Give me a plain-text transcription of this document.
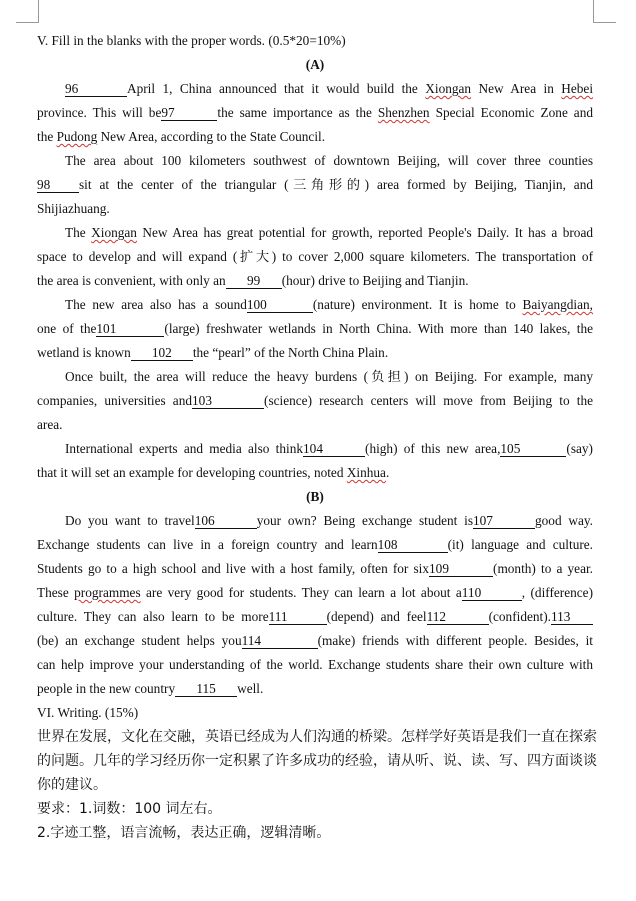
V. Fill in the blanks with the proper words. (0.5*20=10%)
(A)
96	April 1, China announced that it would build the Xiongan New Area in Hebei
province. This will be97	the same importance as the Shenzhen Special Economic Zone and
the Pudong New Area, according to the State Council.
The area about 100 kilometers southwest of downtown Beijing, will cover three counties
98 sit at the center of the triangular (三角形的) area formed by Beijing, Tianjin, and
Shijiazhuang.
The Xiongan New Area has great potential for growth, reported People's Daily. It has a broad
space to develop and will expand (扩大) to cover 2,000 square kilometers. The transportation of
the area is convenient, with only an 99 (hour) drive to Beijing and Tianjin.
The new area also has a sound100	(nature) environment. It is home to Baiyangdian,
one of the101	(large) freshwater wetlands in North China. With more than 140 lakes, the
wetland is known 102 the “pearl” of the North China Plain.
Once built, the area will reduce the heavy burdens (负担) on Beijing. For example, many
companies, universities and103	(science) research centers will move from Beijing to the
area.
International experts and media also think104	(high) of this new area,105	(say)
that it will set an example for developing countries, noted Xinhua.
(B)
Do you want to travel106	your own? Being exchange student is107	good way.
Exchange students can live in a foreign country and learn108	(it) language and culture.
Students go to a high school and live with a host family, often for six109	(month) to a year.
These programmes are very good for students. They can learn a lot about a110	, (difference)
culture. They can also learn to be more111	(depend) and feel112	(confident).113
(be) an exchange student helps you114	(make) friends with different people. Besides, it
can help improve your understanding of the world. Exchange students share their own culture with
people in the new country 115 well.
VI. Writing. (15%)
世界在发展，文化在交融，英语已经成为人们沟通的桥梁。怎样学好英语是我们一直在探索
的问题。几年的学习经历你一定积累了许多成功的经验，请从听、说、读、写、四方面谈谈
你的建议。
要求：1.词数：100 词左右。
2.字迹工整，语言流畅，表达正确，逻辑清晰。
